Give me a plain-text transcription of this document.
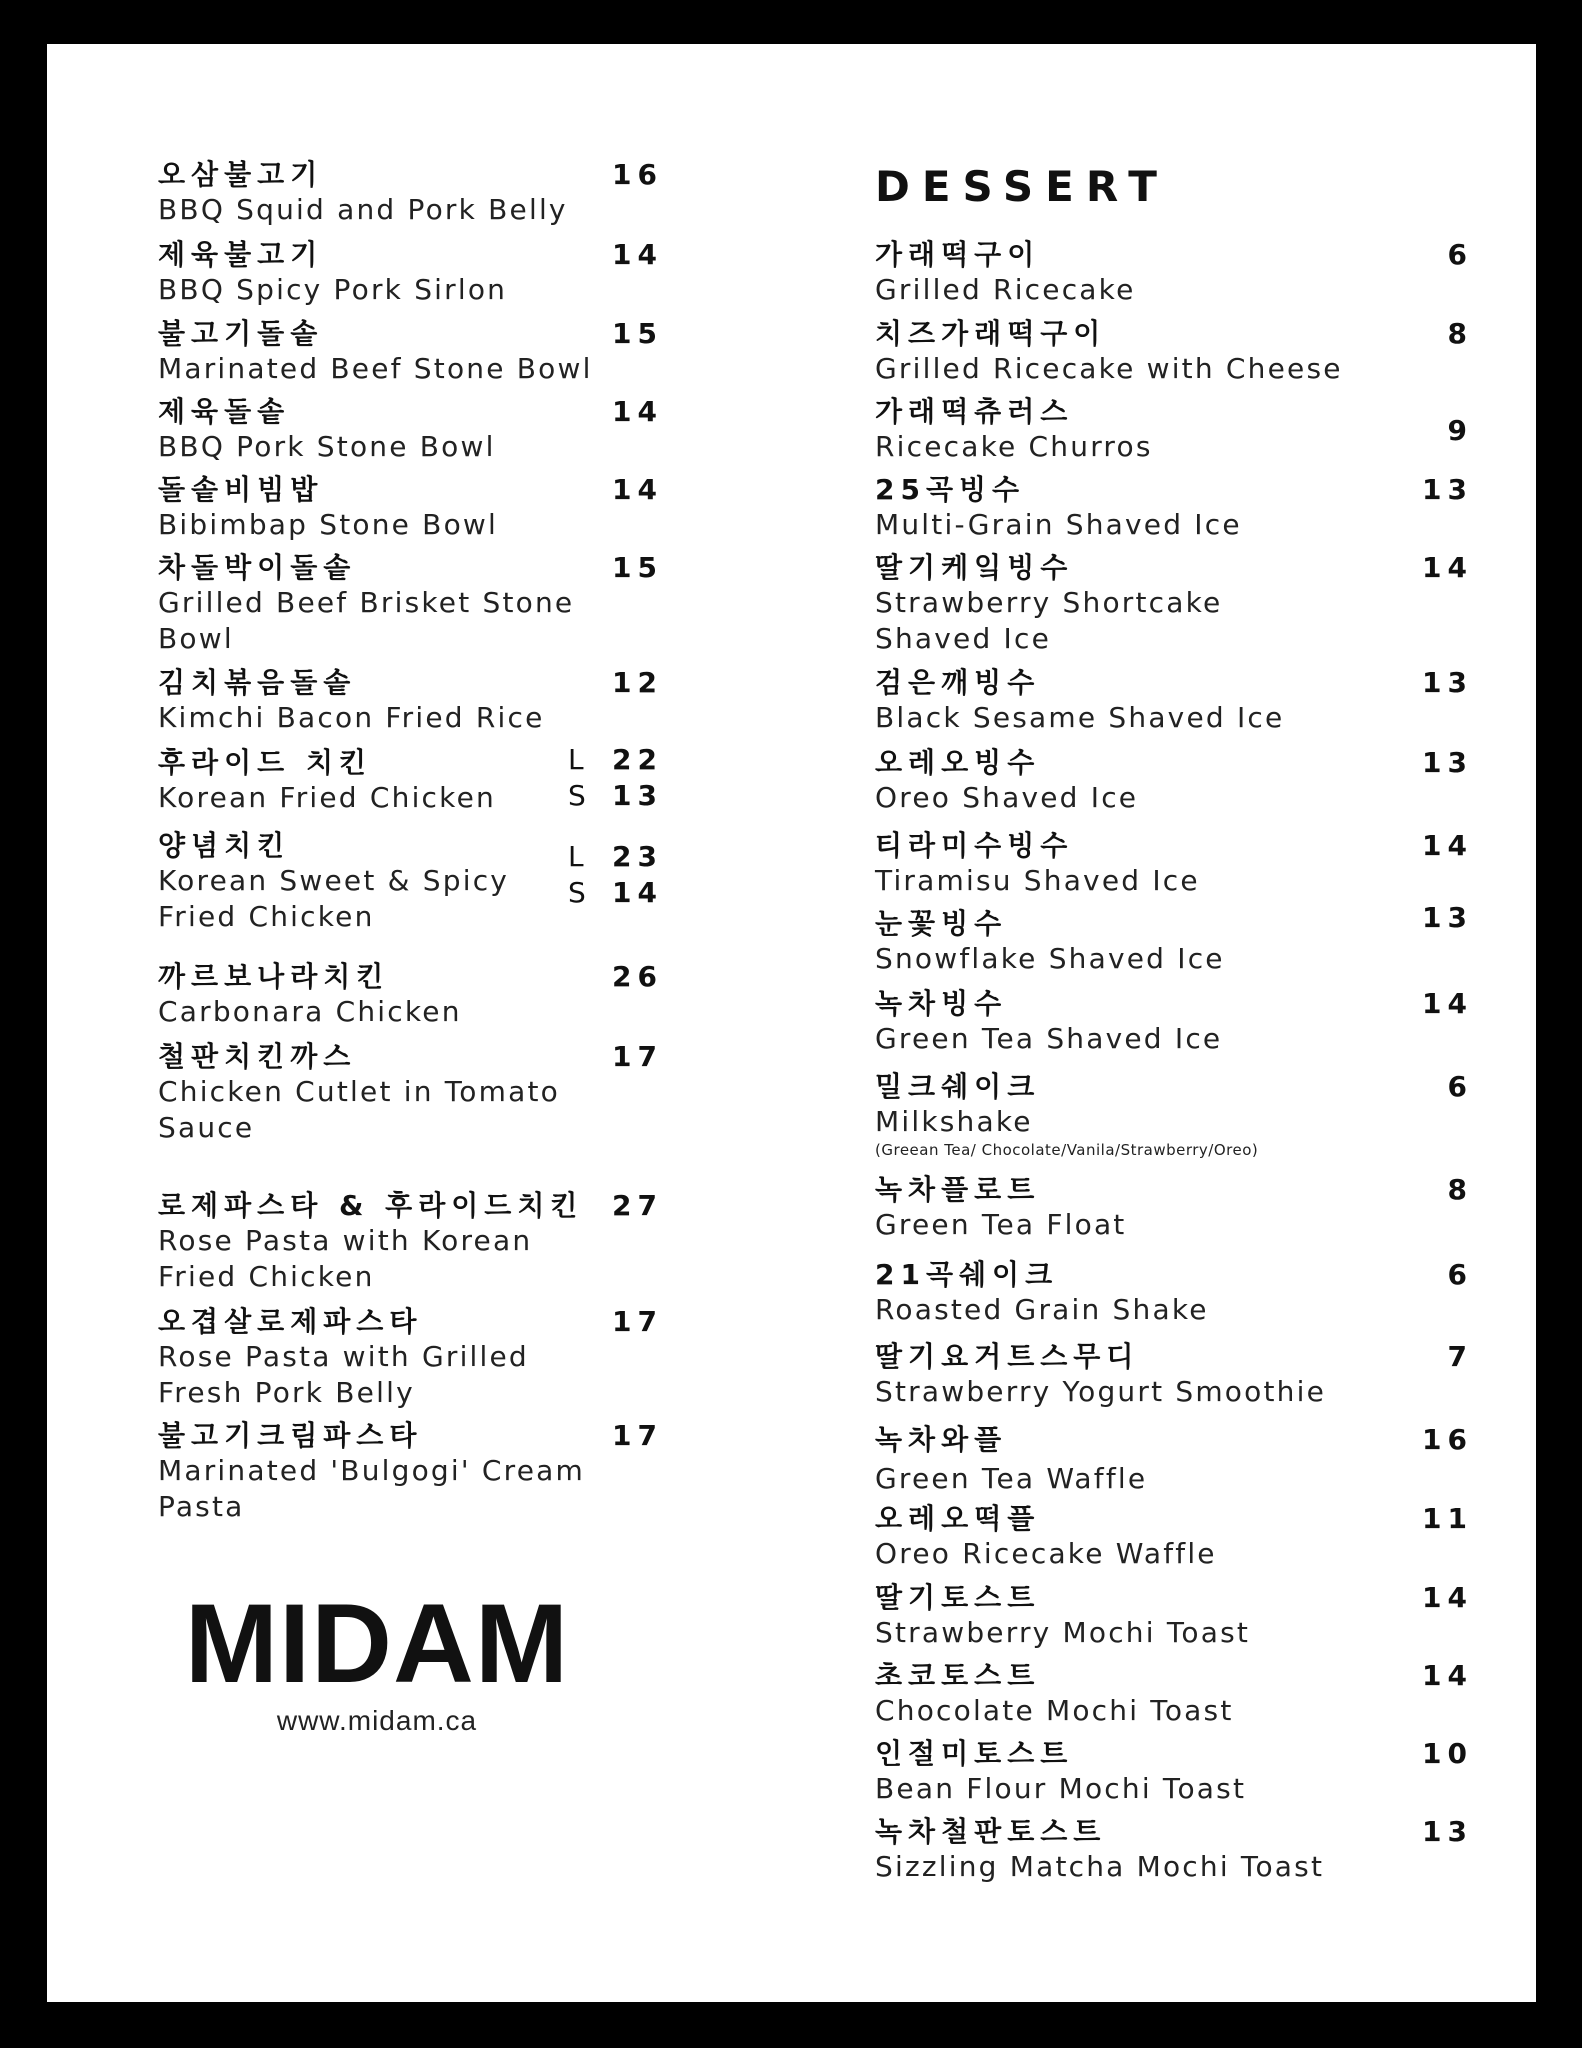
오삼불고기
BBQ Squid and Pork Belly
16
제육불고기
BBQ Spicy Pork Sirlon
14
불고기돌솥
Marinated Beef Stone Bowl
15
제육돌솥
BBQ Pork Stone Bowl
14
돌솥비빔밥
Bibimbap Stone Bowl
14
차돌박이돌솥
Grilled Beef Brisket Stone Bowl
15
김치볶음돌솥
Kimchi Bacon Fried Rice
12
후라이드 치킨
Korean Fried Chicken
L 22
S 13
양념치킨
Korean Sweet & Spicy Fried Chicken
L 23
S 14
까르보나라치킨
Carbonara Chicken
26
철판치킨까스
Chicken Cutlet in Tomato Sauce
17
로제파스타 & 후라이드치킨
Rose Pasta with Korean Fried Chicken
27
오겹살로제파스타
Rose Pasta with Grilled Fresh Pork Belly
17
불고기크림파스타
Marinated 'Bulgogi' Cream Pasta
17
MIDAM
www.midam.ca
DESSERT
가래떡구이
Grilled Ricecake
6
치즈가래떡구이
Grilled Ricecake with Cheese
8
가래떡츄러스
Ricecake Churros	9
25곡빙수
Multi-Grain Shaved Ice
13
딸기케잌빙수
Strawberry Shortcake Shaved Ice
14
검은깨빙수
Black Sesame Shaved Ice
13
오레오빙수
Oreo Shaved Ice
13
티라미수빙수
Tiramisu Shaved Ice
14
눈꽃빙수
Snowflake Shaved Ice
13
녹차빙수
Green Tea Shaved Ice
14
밀크쉐이크
Milkshake
(Greean Tea/ Chocolate/Vanila/Strawberry/Oreo)
6
녹차플로트
Green Tea Float
8
21곡쉐이크
Roasted Grain Shake
6
딸기요거트스무디
Strawberry Yogurt Smoothie
7
녹차와플
Green Tea Waffle
16
오레오떡플
Oreo Ricecake Waffle
11
딸기토스트
Strawberry Mochi Toast
14
초코토스트
Chocolate Mochi Toast
14
인절미토스트
Bean Flour Mochi Toast
10
녹차철판토스트
Sizzling Matcha Mochi Toast
13
